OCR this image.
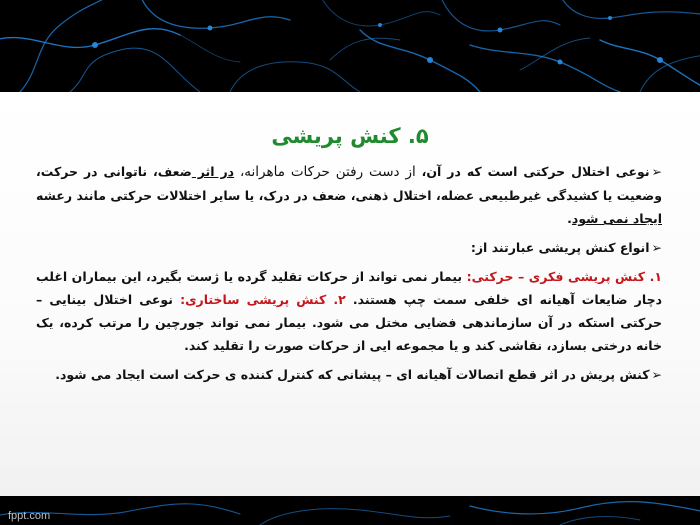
fppt.com
۵. کنش پریشی

➢نوعی اختلال حرکتی است که در آن، از دست رفتن حرکات ماهرانه، در اثر ضعف، ناتوانی در حرکت، وضعیت یا کشیدگی غیرطبیعی عضله، اختلال ذهنی، ضعف در درک، یا سایر اختلالات حرکتی مانند رعشه ایجاد نمی شود.

➢انواع کنش پریشی عبارتند از:

۱. کنش پریشی فکری – حرکتی: بیمار نمی تواند از حرکات تقلید گرده یا ژست بگیرد، این بیماران اغلب دچار ضایعات آهیانه ای خلفی سمت چپ هستند. ۲. کنش پریشی ساختاری: نوعی اختلال بینایی – حرکتی استکه در آن سازماندهی فضایی مختل می شود. بیمار نمی تواند جورچین را مرتب کرده، یک خانه درختی بسازد، نقاشی کند و یا مجموعه ایی از حرکات صورت را تقلید کند.

➢کنش پریش در اثر قطع اتصالات آهیانه ای – پیشانی که کنترل کننده ی حرکت است ایجاد می شود.
